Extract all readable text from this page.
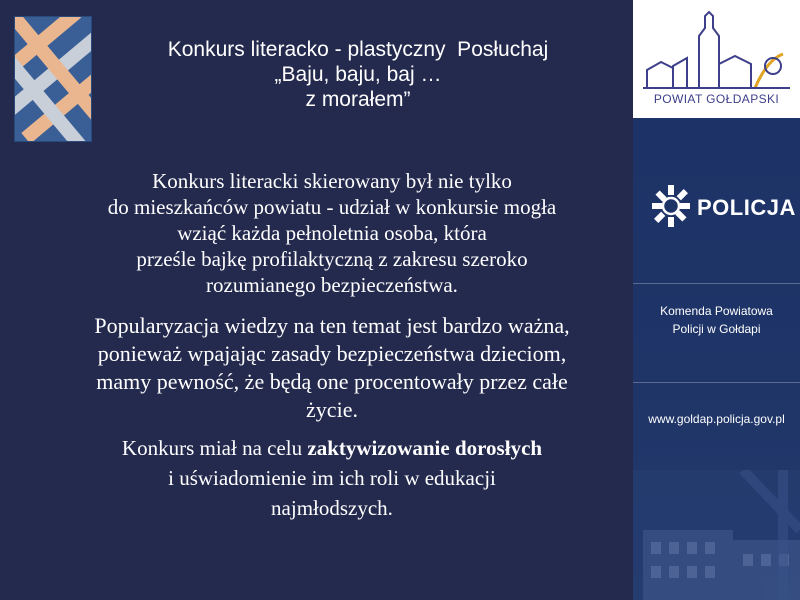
Konkurs literacko - plastyczny  Posłuchaj
„Baju, baju, baj …
z morałem”

Konkurs literacki skierowany był nie tylko
do mieszkańców powiatu - udział w konkursie mogła
wziąć każda pełnoletnia osoba, która
prześle bajkę profilaktyczną z zakresu szeroko
rozumianego bezpieczeństwa.

Popularyzacja wiedzy na ten temat jest bardzo ważna,
ponieważ wpajając zasady bezpieczeństwa dzieciom,
mamy pewność, że będą one procentowały przez całe
życie.

Konkurs miał na celu zaktywizowanie dorosłych
i uświadomienie im ich roli w edukacji
najmłodszych.

POWIAT GOŁDAPSKI
POLICJA
Komenda Powiatowa
Policji w Gołdapi
www.goldap.policja.gov.pl
